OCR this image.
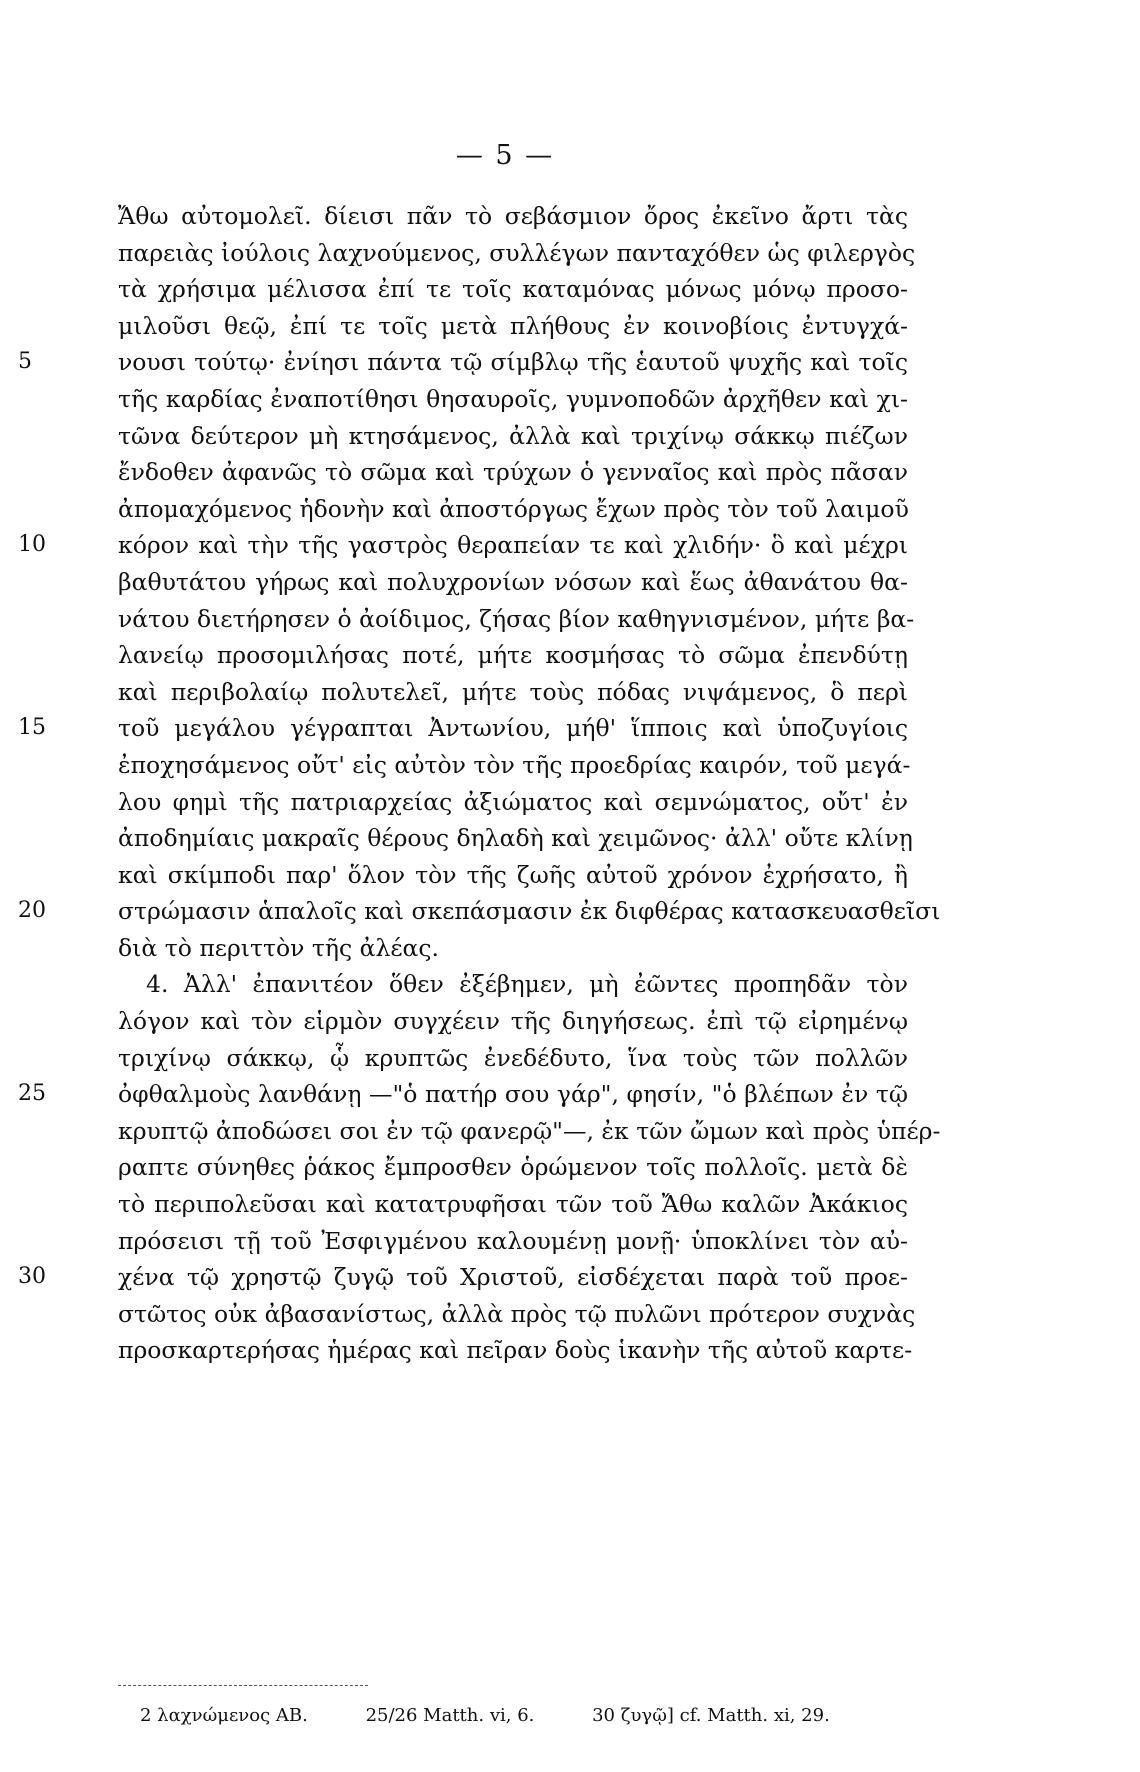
— 5 —
Ἄθω αὐτομολεῖ. δίεισι πᾶν τὸ σεβάσμιον ὄρος ἐκεῖνο ἄρτι τὰς
παρειὰς ἰούλοις λαχνούμενος, συλλέγων πανταχόθεν ὡς φιλεργὸς
τὰ χρήσιμα μέλισσα ἐπί τε τοῖς καταμόνας μόνως μόνῳ προσο-
μιλοῦσι θεῷ, ἐπί τε τοῖς μετὰ πλήθους ἐν κοινοβίοις ἐντυγχά-
5	νουσι τούτῳ· ἐνίησι πάντα τῷ σίμβλῳ τῆς ἑαυτοῦ ψυχῆς καὶ τοῖς
τῆς καρδίας ἐναποτίθησι θησαυροῖς, γυμνοποδῶν ἀρχῆθεν καὶ χι-
τῶνα δεύτερον μὴ κτησάμενος, ἀλλὰ καὶ τριχίνῳ σάκκῳ πιέζων
ἔνδοθεν ἀφανῶς τὸ σῶμα καὶ τρύχων ὁ γενναῖος καὶ πρὸς πᾶσαν
ἀπομαχόμενος ἡδονὴν καὶ ἀποστόργως ἔχων πρὸς τὸν τοῦ λαιμοῦ
10	κόρον καὶ τὴν τῆς γαστρὸς θεραπείαν τε καὶ χλιδήν· ὃ καὶ μέχρι
βαθυτάτου γήρως καὶ πολυχρονίων νόσων καὶ ἕως ἀθανάτου θα-
νάτου διετήρησεν ὁ ἀοίδιμος, ζήσας βίον καθηγνισμένον, μήτε βα-
λανείῳ προσομιλήσας ποτέ, μήτε κοσμήσας τὸ σῶμα ἐπενδύτῃ
καὶ περιβολαίῳ πολυτελεῖ, μήτε τοὺς πόδας νιψάμενος, ὃ περὶ
15	τοῦ μεγάλου γέγραπται Ἀντωνίου, μήθ' ἵπποις καὶ ὑποζυγίοις
ἐποχησάμενος οὔτ' εἰς αὐτὸν τὸν τῆς προεδρίας καιρόν, τοῦ μεγά-
λου φημὶ τῆς πατριαρχείας ἀξιώματος καὶ σεμνώματος, οὔτ' ἐν
ἀποδημίαις μακραῖς θέρους δηλαδὴ καὶ χειμῶνος· ἀλλ' οὔτε κλίνῃ
καὶ σκίμποδι παρ' ὅλον τὸν τῆς ζωῆς αὐτοῦ χρόνον ἐχρήσατο, ἢ
20	στρώμασιν ἁπαλοῖς καὶ σκεπάσμασιν ἐκ διφθέρας κατασκευασθεῖσι
διὰ τὸ περιττὸν τῆς ἀλέας.
4. Ἀλλ' ἐπανιτέον ὅθεν ἐξέβημεν, μὴ ἐῶντες προπηδᾶν τὸν
λόγον καὶ τὸν εἱρμὸν συγχέειν τῆς διηγήσεως. ἐπὶ τῷ εἰρημένῳ
τριχίνῳ σάκκῳ, ᾧ κρυπτῶς ἐνεδέδυτο, ἵνα τοὺς τῶν πολλῶν
25	ὀφθαλμοὺς λανθάνῃ —"ὁ πατήρ σου γάρ", φησίν, "ὁ βλέπων ἐν τῷ
κρυπτῷ ἀποδώσει σοι ἐν τῷ φανερῷ"—, ἐκ τῶν ὤμων καὶ πρὸς ὑπέρ-
ραπτε σύνηθες ῥάκος ἔμπροσθεν ὁρώμενον τοῖς πολλοῖς. μετὰ δὲ
τὸ περιπολεῦσαι καὶ κατατρυφῆσαι τῶν τοῦ Ἄθω καλῶν Ἀκάκιος
πρόσεισι τῇ τοῦ Ἐσφιγμένου καλουμένῃ μονῇ· ὑποκλίνει τὸν αὐ-
30	χένα τῷ χρηστῷ ζυγῷ τοῦ Χριστοῦ, εἰσδέχεται παρὰ τοῦ προε-
στῶτος οὐκ ἀβασανίστως, ἀλλὰ πρὸς τῷ πυλῶνι πρότερον συχνὰς
προσκαρτερήσας ἡμέρας καὶ πεῖραν δοὺς ἱκανὴν τῆς αὐτοῦ καρτε-
2 λαχνώμενος AB.	25/26 Matth. vi, 6.	30 ζυγῷ] cf. Matth. xi, 29.
